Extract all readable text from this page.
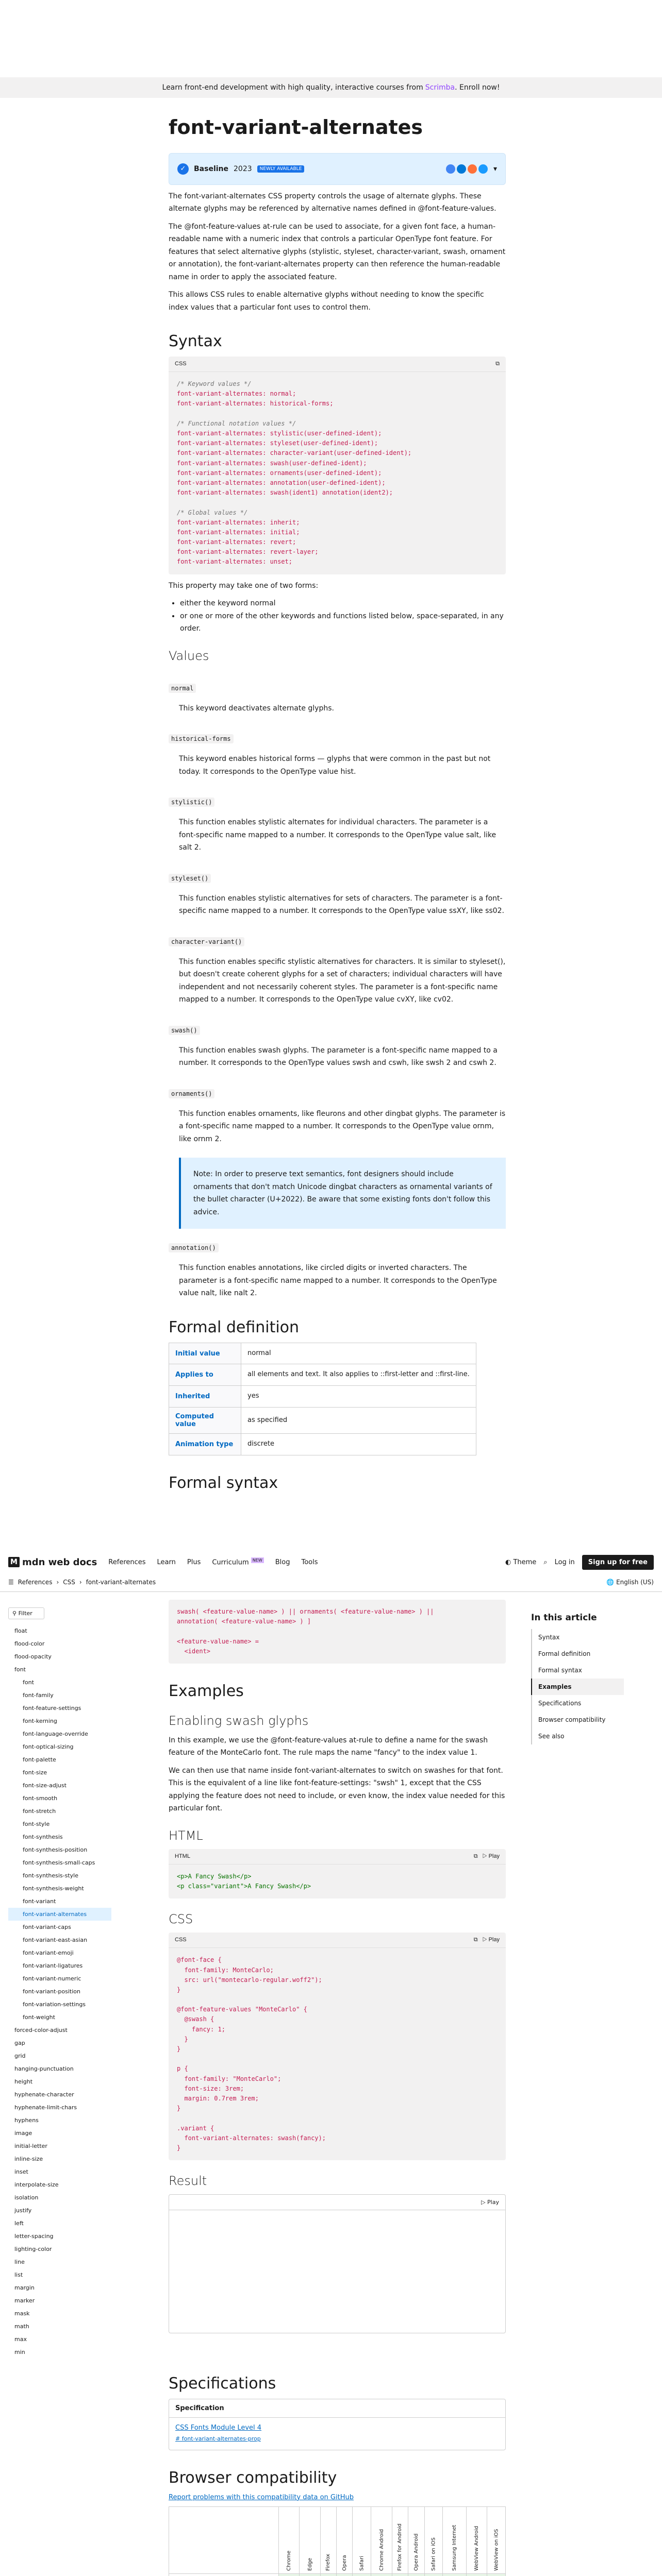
Learn front-end development with high quality, interactive courses from Scrimba . Enroll now!
font-variant-alternates
✓	Baseline 2023	NEWLY AVAILABLE	▾

The font-variant-alternates CSS property controls the usage of alternate glyphs. These alternate glyphs may be referenced by alternative names defined in @font-feature-values.

The @font-feature-values at-rule can be used to associate, for a given font face, a human-readable name with a numeric index that controls a particular OpenType font feature. For features that select alternative glyphs (stylistic, styleset, character-variant, swash, ornament or annotation), the font-variant-alternates property can then reference the human-readable name in order to apply the associated feature.

This allows CSS rules to enable alternative glyphs without needing to know the specific index values that a particular font uses to control them.

Syntax
CSS	⧉
/* Keyword values */
font-variant-alternates: normal;
font-variant-alternates: historical-forms;

/* Functional notation values */
font-variant-alternates: stylistic(user-defined-ident);
font-variant-alternates: styleset(user-defined-ident);
font-variant-alternates: character-variant(user-defined-ident);
font-variant-alternates: swash(user-defined-ident);
font-variant-alternates: ornaments(user-defined-ident);
font-variant-alternates: annotation(user-defined-ident);
font-variant-alternates: swash(ident1) annotation(ident2);

/* Global values */
font-variant-alternates: inherit;
font-variant-alternates: initial;
font-variant-alternates: revert;
font-variant-alternates: revert-layer;
font-variant-alternates: unset;

This property may take one of two forms:

• either the keyword normal
• or one or more of the other keywords and functions listed below, space-separated, in any order.
Values
normal

This keyword deactivates alternate glyphs.

historical-forms

This keyword enables historical forms — glyphs that were common in the past but not today. It corresponds to the OpenType value hist.

stylistic()

This function enables stylistic alternates for individual characters. The parameter is a font-specific name mapped to a number. It corresponds to the OpenType value salt, like salt 2.

styleset()

This function enables stylistic alternatives for sets of characters. The parameter is a font-specific name mapped to a number. It corresponds to the OpenType value ssXY, like ss02.

character-variant()

This function enables specific stylistic alternatives for characters. It is similar to styleset(), but doesn't create coherent glyphs for a set of characters; individual characters will have independent and not necessarily coherent styles. The parameter is a font-specific name mapped to a number. It corresponds to the OpenType value cvXY, like cv02.

swash()

This function enables swash glyphs. The parameter is a font-specific name mapped to a number. It corresponds to the OpenType values swsh and cswh, like swsh 2 and cswh 2.

ornaments()

This function enables ornaments, like fleurons and other dingbat glyphs. The parameter is a font-specific name mapped to a number. It corresponds to the OpenType value ornm, like ornm 2.

Note: In order to preserve text semantics, font designers should include ornaments that don't match Unicode dingbat characters as ornamental variants of the bullet character (U+2022). Be aware that some existing fonts don't follow this advice.
annotation()

This function enables annotations, like circled digits or inverted characters. The parameter is a font-specific name mapped to a number. It corresponds to the OpenType value nalt, like nalt 2.

Formal definition
Initial value	normal
Applies to	all elements and text. It also applies to ::first-letter and ::first-line.
Inherited	yes
Computed value	as specified
Animation type	discrete
Formal syntax
M mdn web docs References Learn Plus Curriculum $^{NEW}$ Blog Tools	◐ Theme ⌕ Log in	Sign up for free
☰ References › CSS › font-variant-alternates	🌐 English (US)
swash( <feature-value-name> ) || ornaments( <feature-value-name> ) ||
annotation( <feature-value-name> ) ]

<feature-value-name> =
<ident>
Examples
Enabling swash glyphs

In this example, we use the @font-feature-values at-rule to define a name for the swash feature of the MonteCarlo font. The rule maps the name "fancy" to the index value 1.

We can then use that name inside font-variant-alternates to switch on swashes for that font. This is the equivalent of a line like font-feature-settings: "swsh" 1, except that the CSS applying the feature does not need to include, or even know, the index value needed for this particular font.

HTML
HTML	⧉   ▷ Play
<p>A Fancy Swash</p>
<p class="variant">A Fancy Swash</p>
CSS
CSS	⧉   ▷ Play
@font-face {
font-family: MonteCarlo;
src: url("montecarlo-regular.woff2");
}

@font-feature-values "MonteCarlo" {
@swash {
fancy: 1;
}
}

p {
font-family: "MonteCarlo";
font-size: 3rem;
margin: 0.7rem 3rem;
}

.variant {
font-variant-alternates: swash(fancy);
}
Result
▷ Play
Specifications
Specification
CSS Fonts Module Level 4
# font-variant-alternates-prop
Browser compatibility
Report problems with this compatibility data on GitHub
	Chrome	Edge	Firefox	Opera	Safari	Chrome Android	Firefox for Android	Opera Android	Safari on iOS	Samsung Internet	WebView Android	WebView on iOS

⚲ Filter
float
flood-color
flood-opacity
font
font
font-family
font-feature-settings
font-kerning
font-language-override
font-optical-sizing
font-palette
font-size
font-size-adjust
font-smooth
font-stretch
font-style
font-synthesis
font-synthesis-position
font-synthesis-small-caps
font-synthesis-style
font-synthesis-weight
font-variant
font-variant-alternates
font-variant-caps
font-variant-east-asian
font-variant-emoji
font-variant-ligatures
font-variant-numeric
font-variant-position
font-variation-settings
font-weight
forced-color-adjust
gap
grid
hanging-punctuation
height
hyphenate-character
hyphenate-limit-chars
hyphens
image
initial-letter
inline-size
inset
interpolate-size
isolation
justify
left
letter-spacing
lighting-color
line
list
margin
marker
mask
math
max
min
In this article
Syntax
Formal definition
Formal syntax
Examples
Specifications
Browser compatibility
See also
